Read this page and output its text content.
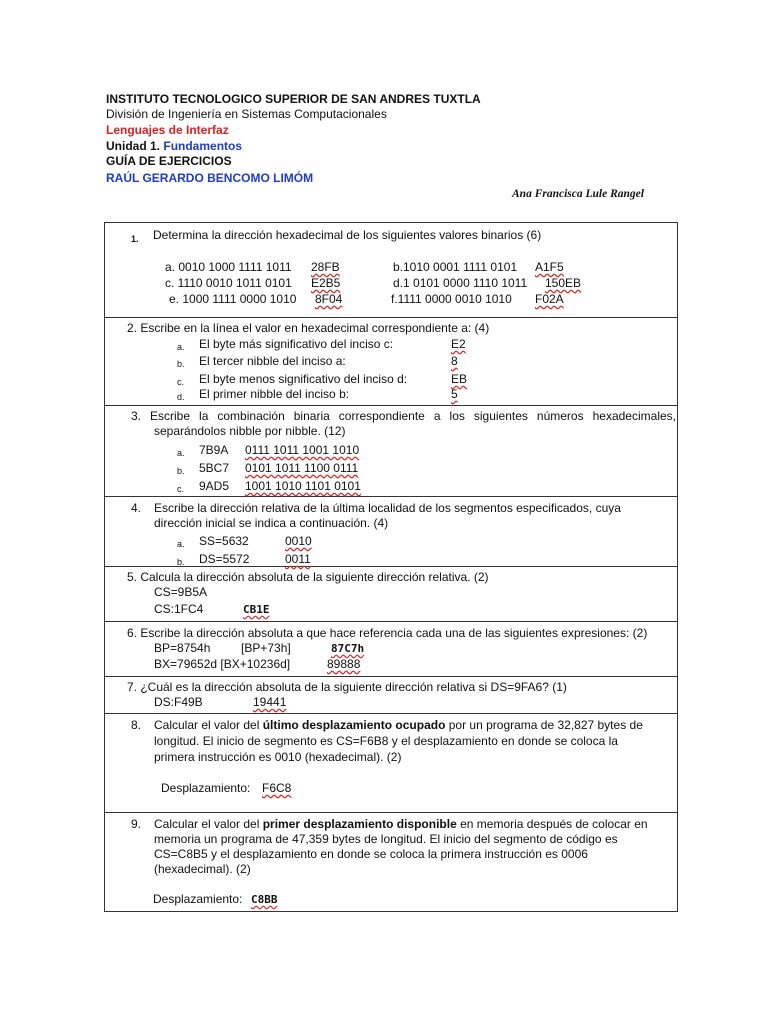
INSTITUTO TECNOLOGICO SUPERIOR DE SAN ANDRES TUXTLA
División de Ingeniería en Sistemas Computacionales
Lenguajes de Interfaz
Unidad 1. Fundamentos
GUÍA DE EJERCICIOS
RAÚL GERARDO BENCOMO LIMÓM
Ana Francisca Lule Rangel
1. Determina la dirección hexadecimal de los siguientes valores binarios (6)
a. 0010 1000 1111 1011 28FB	b.1010 0001 1111 0101 A1F5
c. 1110 0010 1011 0101 E2B5	d.1 0101 0000 1110 1011 150EB
e. 1000 1111 0000 1010 8F04	f.1111 0000 0010 1010 F02A

2. Escribe en la línea el valor en hexadecimal correspondiente a: (4)
a. El byte más significativo del inciso c:	E2
b. El tercer nibble del inciso a:	8
c. El byte menos significativo del inciso d:	EB
d. El primer nibble del inciso b:	5

3. Escribe la combinación binaria correspondiente a los siguientes números hexadecimales,
separándolos nibble por nibble. (12)
a. 7B9A 0111 1011 1001 1010
b. 5BC7 0101 1011 1100 0111
c. 9AD5 1001 1010 1101 0101

4. Escribe la dirección relativa de la última localidad de los segmentos especificados, cuya
dirección inicial se indica a continuación. (4)
a. SS=5632	0010
b. DS=5572	0011

5. Calcula la dirección absoluta de la siguiente dirección relativa. (2)
CS=9B5A
CS:1FC4	CB1E

6. Escribe la dirección absoluta a que hace referencia cada una de las siguientes expresiones: (2)
BP=8754h	[BP+73h]	87C7h
BX=79652d [BX+10236d]	89888

7. ¿Cuál es la dirección absoluta de la siguiente dirección relativa si DS=9FA6? (1)
DS:F49B	19441

8. Calcular el valor del último desplazamiento ocupado por un programa de 32,827 bytes de
longitud. El inicio de segmento es CS=F6B8 y el desplazamiento en donde se coloca la
primera instrucción es 0010 (hexadecimal). (2)
Desplazamiento: F6C8

9. Calcular el valor del primer desplazamiento disponible en memoria después de colocar en
memoria un programa de 47,359 bytes de longitud. El inicio del segmento de código es
CS=C8B5 y el desplazamiento en donde se coloca la primera instrucción es 0006
(hexadecimal). (2)
Desplazamiento: C8BB
